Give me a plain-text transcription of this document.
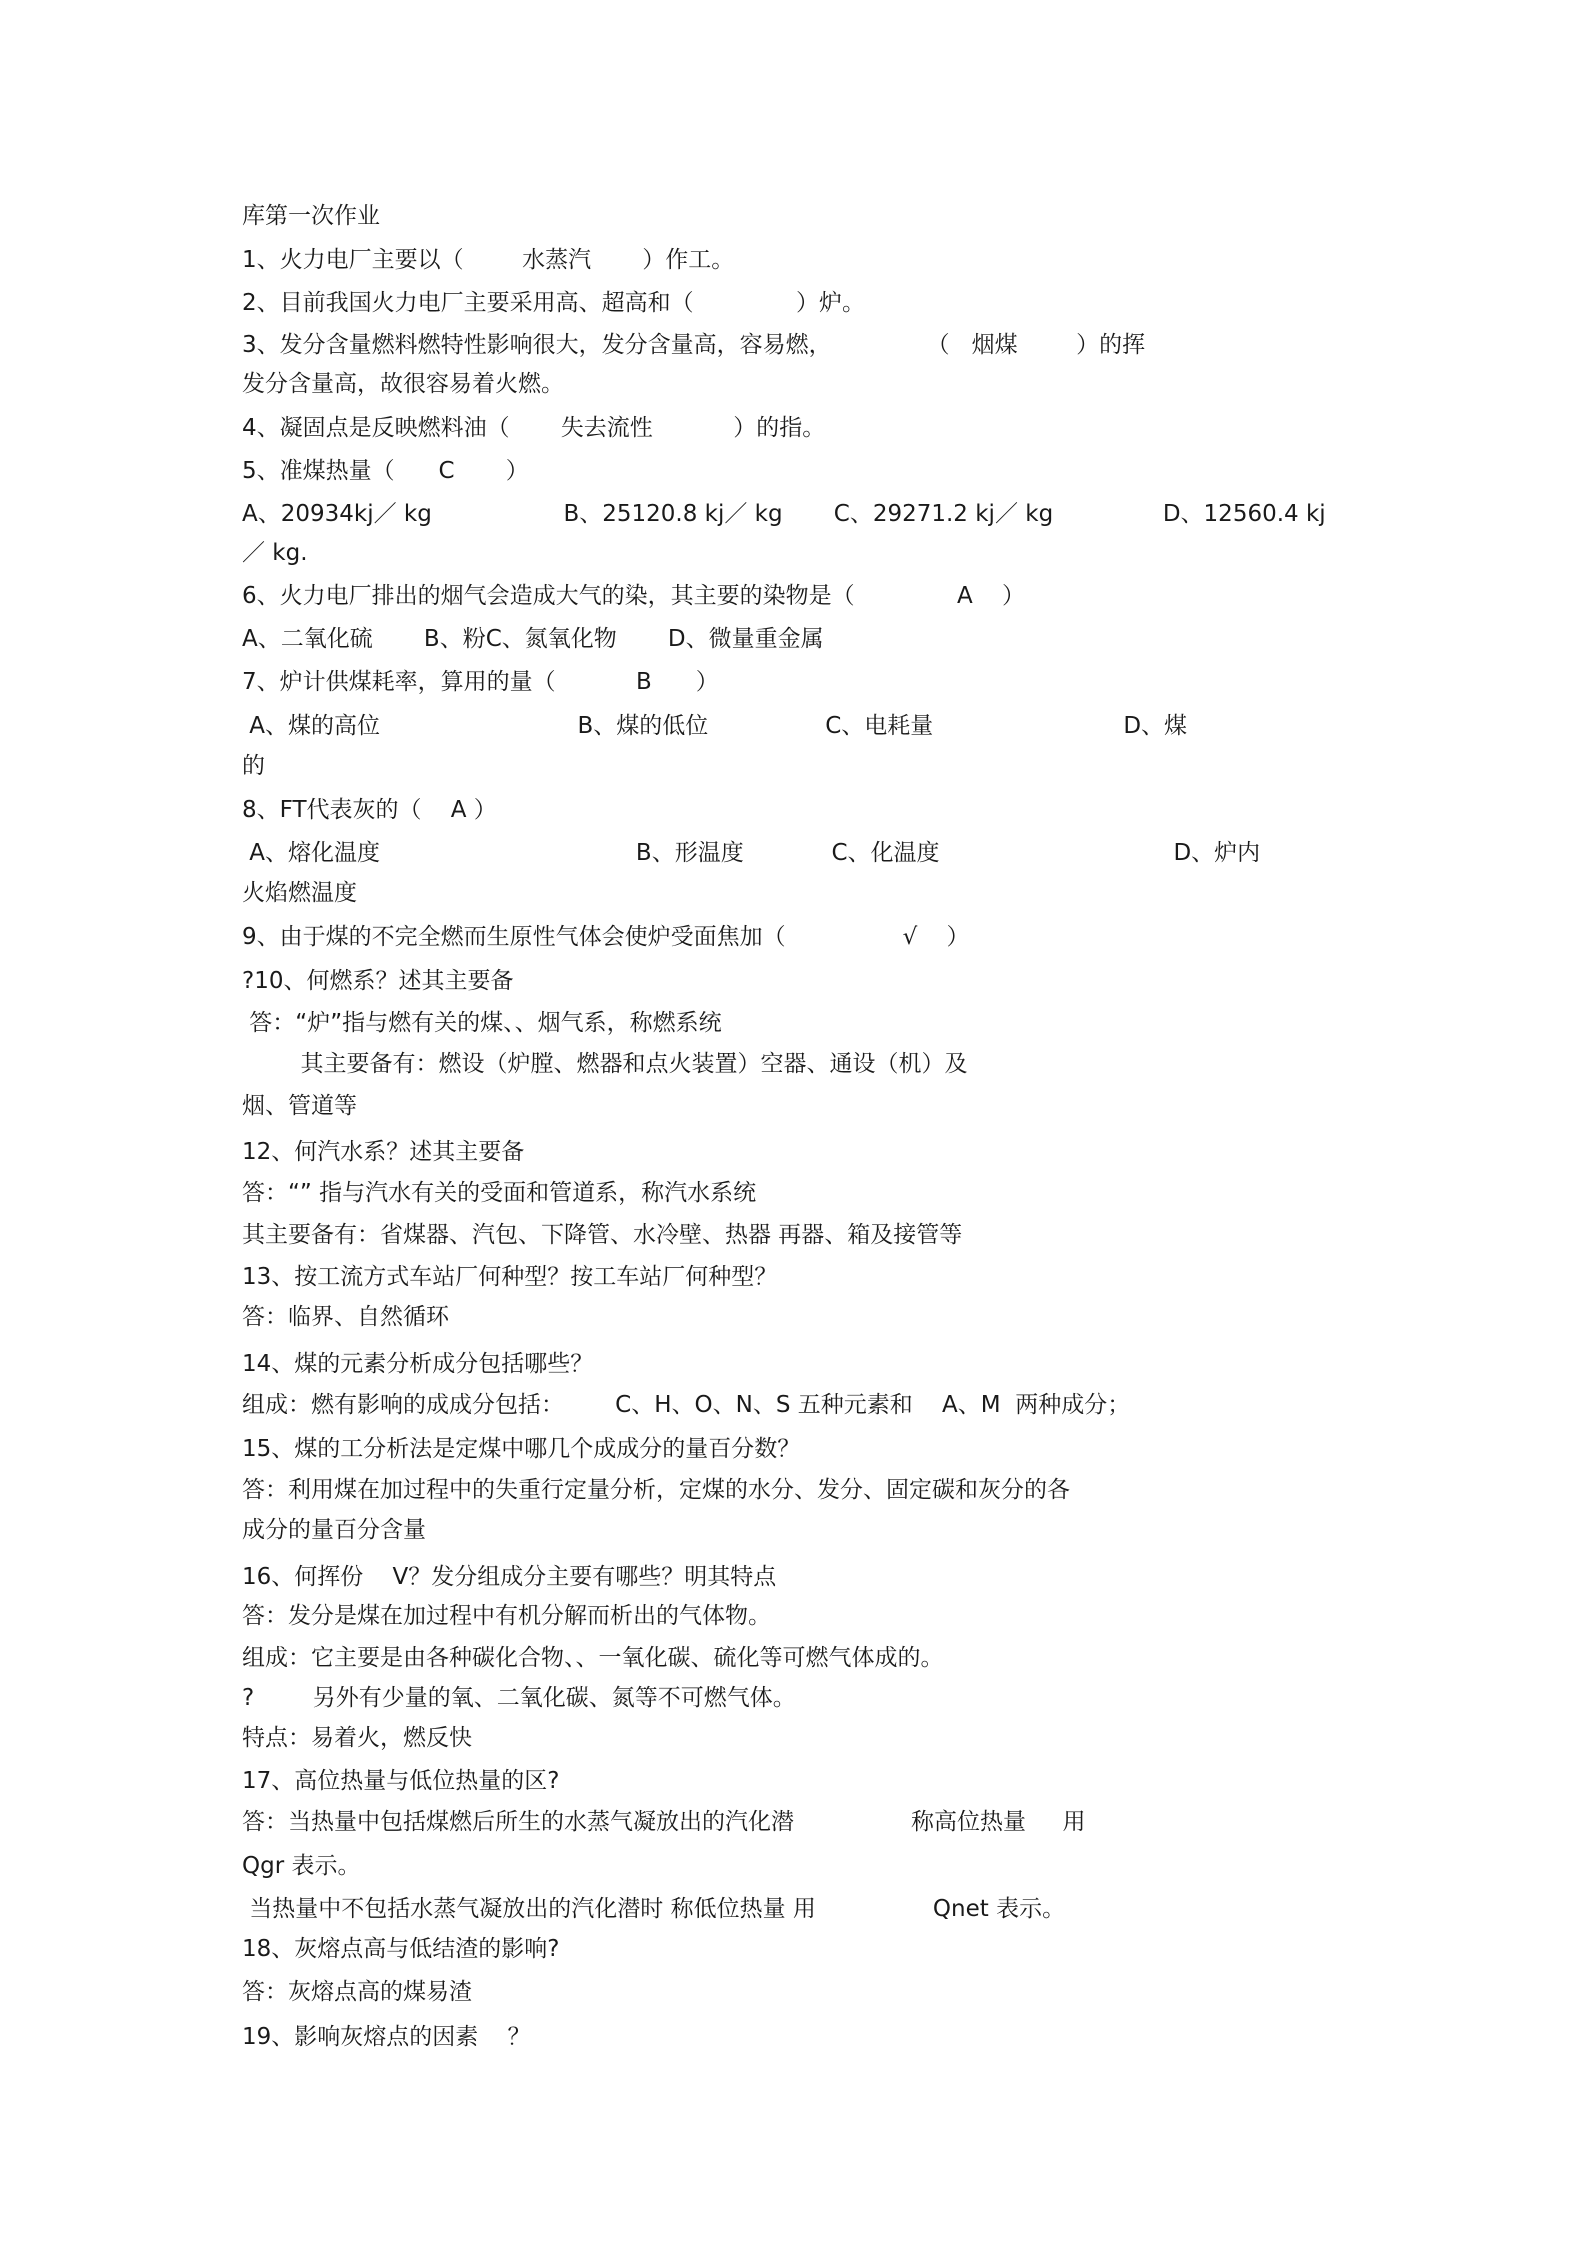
库第一次作业
1、火力电厂主要以（        水蒸汽       ）作工。
2、目前我国火力电厂主要采用高、超高和（              ）炉。
3、发分含量燃料燃特性影响很大，发分含量高，容易燃，             （   烟煤        ）的挥
发分含量高，故很容易着火燃。
4、凝固点是反映燃料油（       失去流性           ）的指。
5、准煤热量（      C       ）
A、20934kj／ kg                  B、25120.8 kj／ kg       C、29271.2 kj／ kg               D、12560.4 kj
／ kg.
6、火力电厂排出的烟气会造成大气的染，其主要的染物是（              A    ）
A、二氧化硫       B、粉C、氮氧化物       D、微量重金属
7、炉计供煤耗率，算用的量（           B      ）
A、煤的高位                           B、煤的低位                C、电耗量                          D、煤
的
8、FT代表灰的（    A ）
A、熔化温度                                   B、形温度            C、化温度                                D、炉内
火焰燃温度
9、由于煤的不完全燃而生原性气体会使炉受面焦加（                √    ）
?10、何燃系？述其主要备
答：“炉”指与燃有关的煤、、烟气系，称燃系统
其主要备有：燃设（炉膛、燃器和点火装置）空器、通设（机）及
烟、管道等
12、何汽水系？述其主要备
答：“” 指与汽水有关的受面和管道系，称汽水系统
其主要备有：省煤器、汽包、下降管、水冷壁、热器 再器、箱及接管等
13、按工流方式车站厂何种型？按工车站厂何种型？
答：临界、自然循环
14、煤的元素分析成分包括哪些？
组成：燃有影响的成成分包括：       C、H、O、N、S 五种元素和    A、M  两种成分；
15、煤的工分析法是定煤中哪几个成成分的量百分数？
答：利用煤在加过程中的失重行定量分析，定煤的水分、发分、固定碳和灰分的各
成分的量百分含量
16、何挥份    V？发分组成分主要有哪些？明其特点
答：发分是煤在加过程中有机分解而析出的气体物。
组成：它主要是由各种碳化合物、、一氧化碳、硫化等可燃气体成的。
?        另外有少量的氧、二氧化碳、氮等不可燃气体。
特点：易着火，燃反快
17、高位热量与低位热量的区?
答：当热量中包括煤燃后所生的水蒸气凝放出的汽化潜                称高位热量     用
Qgr 表示。
当热量中不包括水蒸气凝放出的汽化潜时 称低位热量 用                Qnet 表示。
18、灰熔点高与低结渣的影响?
答：灰熔点高的煤易渣
19、影响灰熔点的因素    ？
